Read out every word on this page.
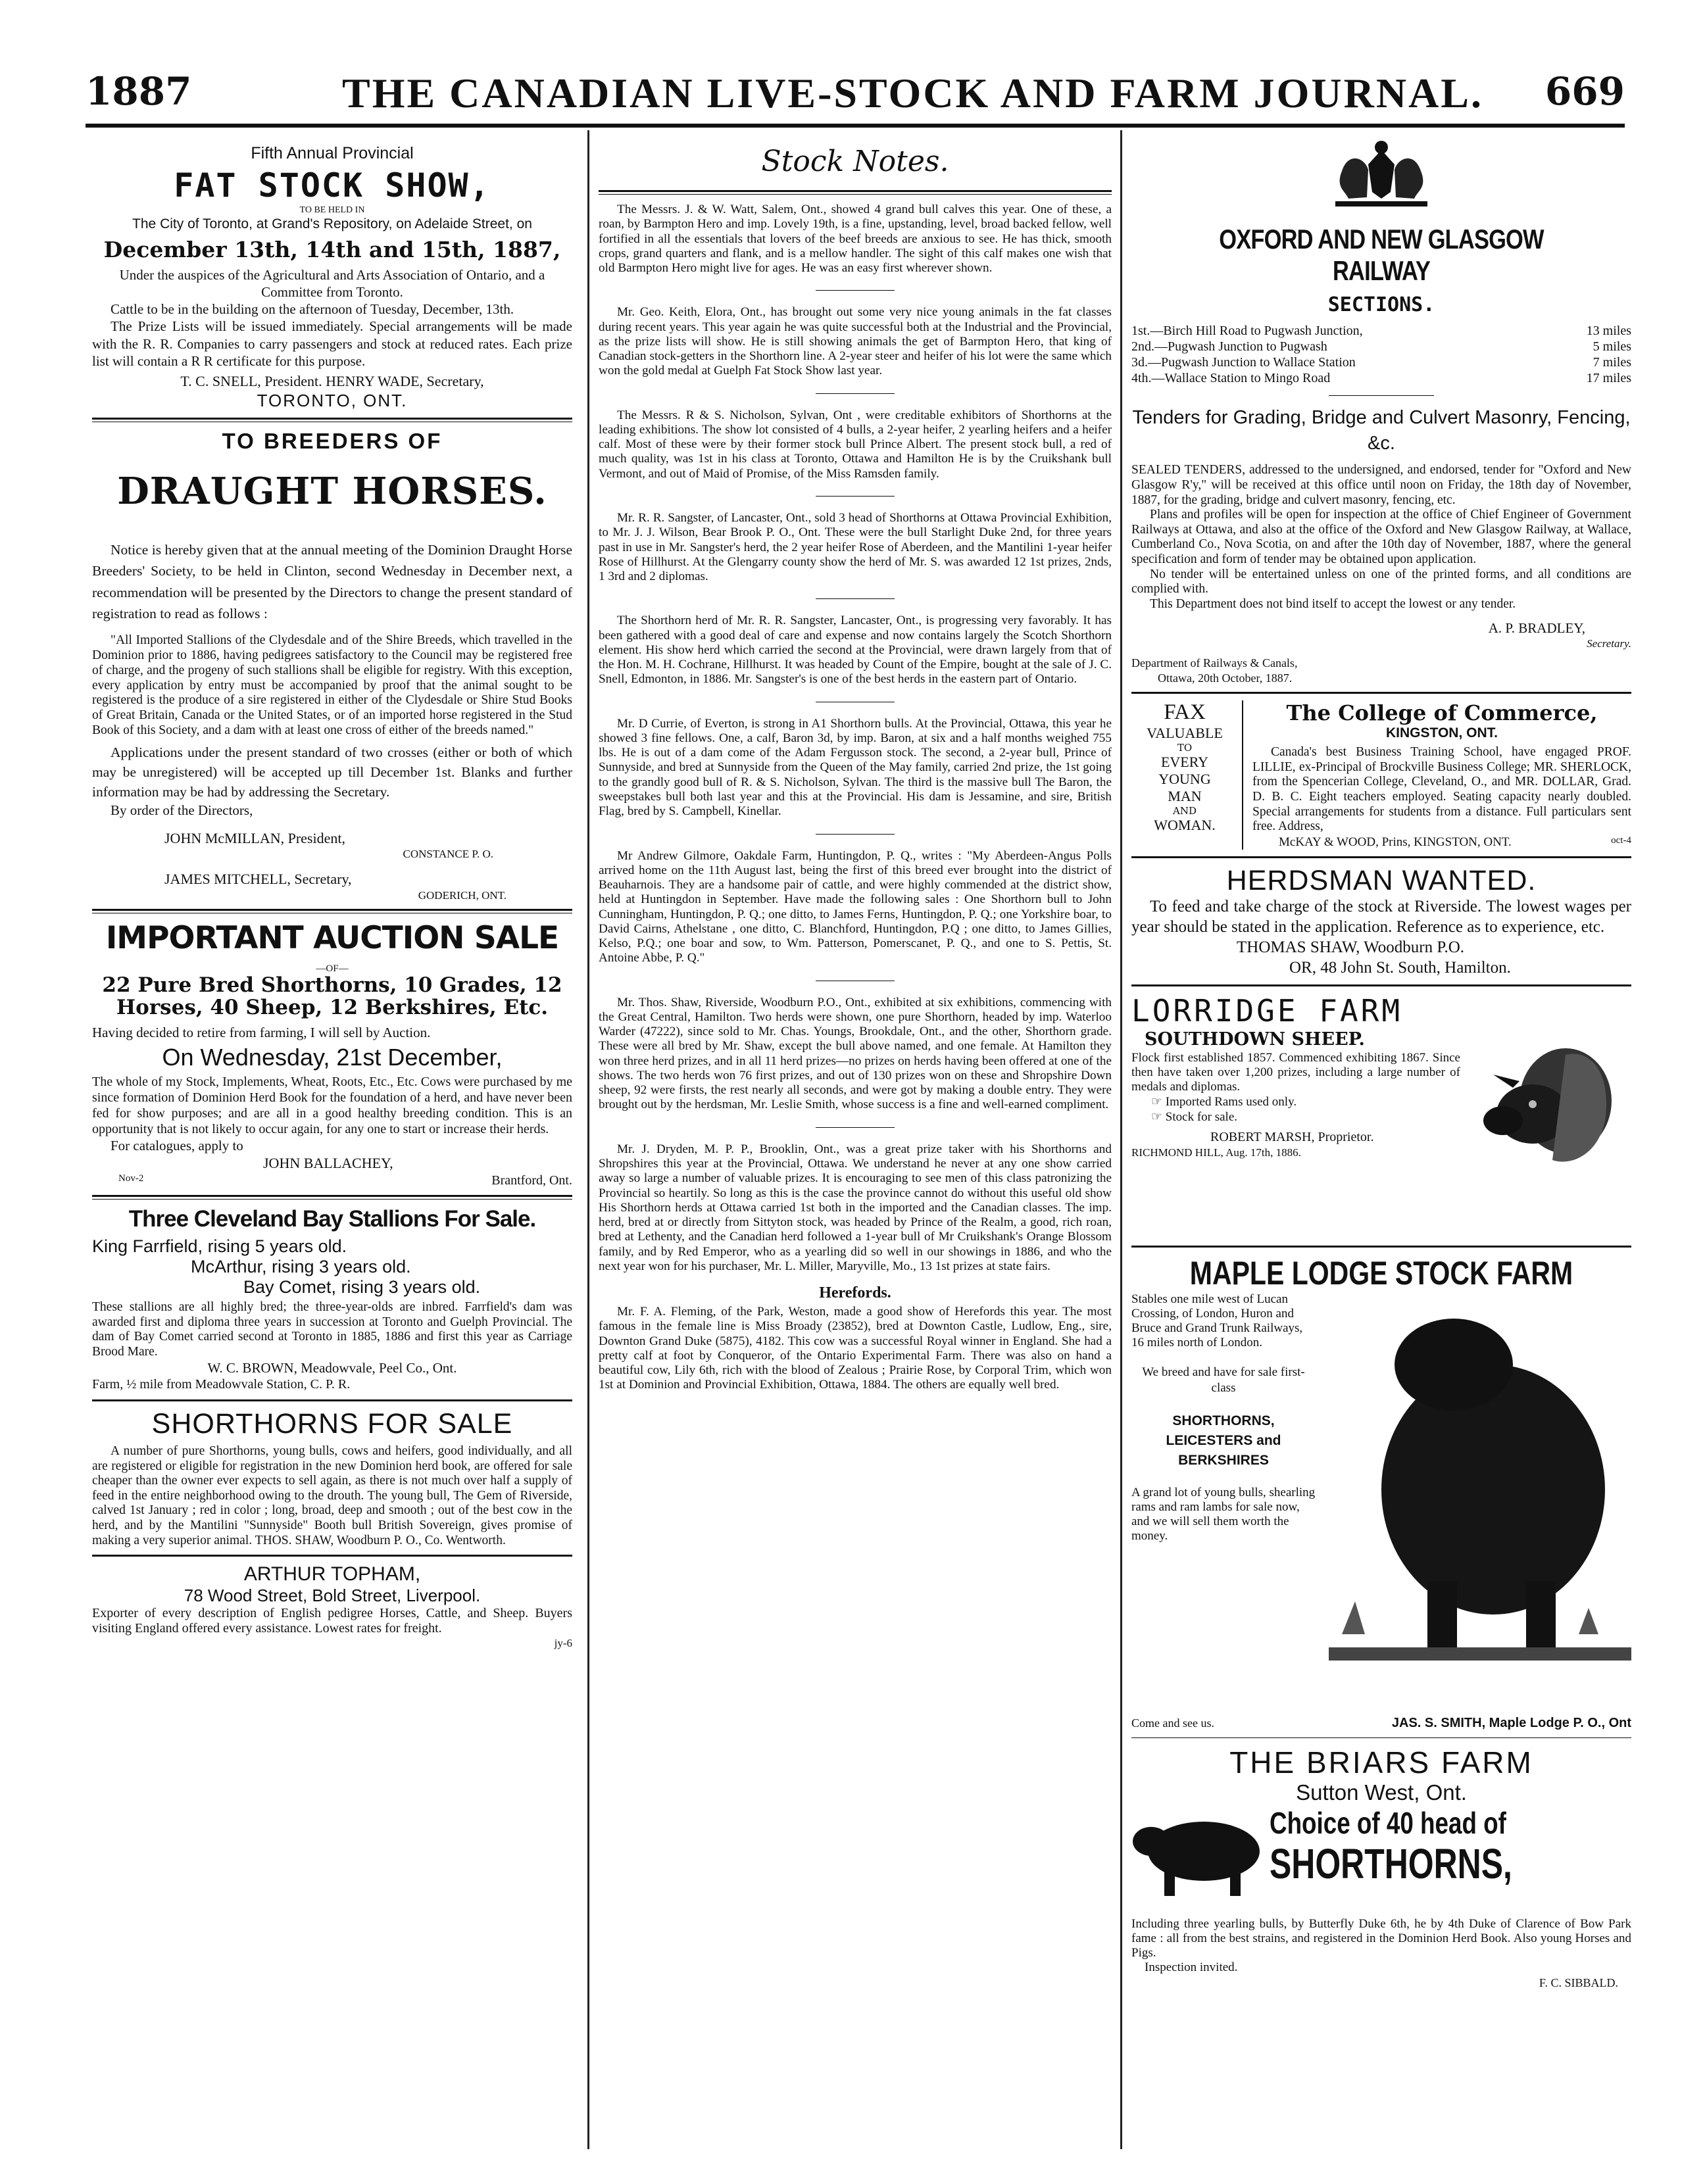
1887	THE CANADIAN LIVE-STOCK AND FARM JOURNAL. 669
Fifth Annual Provincial
FAT STOCK SHOW,
TO BE HELD IN
The City of Toronto, at Grand's Repository, on Adelaide Street, on
December 13th, 14th and 15th, 1887,
Under the auspices of the Agricultural and Arts Association of Ontario, and a Committee from Toronto.
Cattle to be in the building on the afternoon of Tuesday, December, 13th.
The Prize Lists will be issued immediately. Special arrangements will be made with the R. R. Companies to carry passengers and stock at reduced rates. Each prize list will contain a R R certificate for this purpose.
T. C. SNELL, President. HENRY WADE, Secretary,
TORONTO, ONT.
TO BREEDERS OF
DRAUGHT HORSES.
Notice is hereby given that at the annual meeting of the Dominion Draught Horse Breeders' Society, to be held in Clinton, second Wednesday in December next, a recommendation will be presented by the Directors to change the present standard of registration to read as follows :
"All Imported Stallions of the Clydesdale and of the Shire Breeds, which travelled in the Dominion prior to 1886, having pedigrees satisfactory to the Council may be registered free of charge, and the progeny of such stallions shall be eligible for registry. With this exception, every application by entry must be accompanied by proof that the animal sought to be registered is the produce of a sire registered in either of the Clydesdale or Shire Stud Books of Great Britain, Canada or the United States, or of an imported horse registered in the Stud Book of this Society, and a dam with at least one cross of either of the breeds named."
Applications under the present standard of two crosses (either or both of which may be unregistered) will be accepted up till December 1st. Blanks and further information may be had by addressing the Secretary.
By order of the Directors,
JOHN McMILLAN, President,
CONSTANCE P. O.
JAMES MITCHELL, Secretary,
GODERICH, ONT.
IMPORTANT AUCTION SALE
—OF—
22 Pure Bred Shorthorns, 10 Grades, 12 Horses, 40 Sheep, 12 Berkshires, Etc.
Having decided to retire from farming, I will sell by Auction.
On Wednesday, 21st December,
The whole of my Stock, Implements, Wheat, Roots, Etc., Etc. Cows were purchased by me since formation of Dominion Herd Book for the foundation of a herd, and have never been fed for show purposes; and are all in a good healthy breeding condition. This is an opportunity that is not likely to occur again, for any one to start or increase their herds.
For catalogues, apply to
JOHN BALLACHEY,
Nov-2	Brantford, Ont.
Three Cleveland Bay Stallions For Sale.
King Farrfield, rising 5 years old.
McArthur, rising 3 years old.
Bay Comet, rising 3 years old.
These stallions are all highly bred; the three-year-olds are inbred. Farrfield's dam was awarded first and diploma three years in succession at Toronto and Guelph Provincial. The dam of Bay Comet carried second at Toronto in 1885, 1886 and first this year as Carriage Brood Mare.
W. C. BROWN, Meadowvale, Peel Co., Ont.
Farm, ½ mile from Meadowvale Station, C. P. R.
SHORTHORNS FOR SALE
A number of pure Shorthorns, young bulls, cows and heifers, good individually, and all are registered or eligible for registration in the new Dominion herd book, are offered for sale cheaper than the owner ever expects to sell again, as there is not much over half a supply of feed in the entire neighborhood owing to the drouth. The young bull, The Gem of Riverside, calved 1st January ; red in color ; long, broad, deep and smooth ; out of the best cow in the herd, and by the Mantilini "Sunnyside" Booth bull British Sovereign, gives promise of making a very superior animal. THOS. SHAW, Woodburn P. O., Co. Wentworth.
ARTHUR TOPHAM,
78 Wood Street, Bold Street, Liverpool.
Exporter of every description of English pedigree Horses, Cattle, and Sheep. Buyers visiting England offered every assistance. Lowest rates for freight.
jy-6
Stock Notes.
The Messrs. J. & W. Watt, Salem, Ont., showed 4 grand bull calves this year. One of these, a roan, by Barmpton Hero and imp. Lovely 19th, is a fine, upstanding, level, broad backed fellow, well fortified in all the essentials that lovers of the beef breeds are anxious to see. He has thick, smooth crops, grand quarters and flank, and is a mellow handler. The sight of this calf makes one wish that old Barmpton Hero might live for ages. He was an easy first wherever shown.
Mr. Geo. Keith, Elora, Ont., has brought out some very nice young animals in the fat classes during recent years. This year again he was quite successful both at the Industrial and the Provincial, as the prize lists will show. He is still showing animals the get of Barmpton Hero, that king of Canadian stock-getters in the Shorthorn line. A 2-year steer and heifer of his lot were the same which won the gold medal at Guelph Fat Stock Show last year.
The Messrs. R & S. Nicholson, Sylvan, Ont , were creditable exhibitors of Shorthorns at the leading exhibitions. The show lot consisted of 4 bulls, a 2-year heifer, 2 yearling heifers and a heifer calf. Most of these were by their former stock bull Prince Albert. The present stock bull, a red of much quality, was 1st in his class at Toronto, Ottawa and Hamilton He is by the Cruikshank bull Vermont, and out of Maid of Promise, of the Miss Ramsden family.
Mr. R. R. Sangster, of Lancaster, Ont., sold 3 head of Shorthorns at Ottawa Provincial Exhibition, to Mr. J. J. Wilson, Bear Brook P. O., Ont. These were the bull Starlight Duke 2nd, for three years past in use in Mr. Sangster's herd, the 2 year heifer Rose of Aberdeen, and the Mantilini 1-year heifer Rose of Hillhurst. At the Glengarry county show the herd of Mr. S. was awarded 12 1st prizes, 2nds, 1 3rd and 2 diplomas.
The Shorthorn herd of Mr. R. R. Sangster, Lancaster, Ont., is progressing very favorably. It has been gathered with a good deal of care and expense and now contains largely the Scotch Shorthorn element. His show herd which carried the second at the Provincial, were drawn largely from that of the Hon. M. H. Cochrane, Hillhurst. It was headed by Count of the Empire, bought at the sale of J. C. Snell, Edmonton, in 1886. Mr. Sangster's is one of the best herds in the eastern part of Ontario.
Mr. D Currie, of Everton, is strong in A1 Shorthorn bulls. At the Provincial, Ottawa, this year he showed 3 fine fellows. One, a calf, Baron 3d, by imp. Baron, at six and a half months weighed 755 lbs. He is out of a dam come of the Adam Fergusson stock. The second, a 2-year bull, Prince of Sunnyside, and bred at Sunnyside from the Queen of the May family, carried 2nd prize, the 1st going to the grandly good bull of R. & S. Nicholson, Sylvan. The third is the massive bull The Baron, the sweepstakes bull both last year and this at the Provincial. His dam is Jessamine, and sire, British Flag, bred by S. Campbell, Kinellar.
Mr Andrew Gilmore, Oakdale Farm, Huntingdon, P. Q., writes : "My Aberdeen-Angus Polls arrived home on the 11th August last, being the first of this breed ever brought into the district of Beauharnois. They are a handsome pair of cattle, and were highly commended at the district show, held at Huntingdon in September. Have made the following sales : One Shorthorn bull to John Cunningham, Huntingdon, P. Q.; one ditto, to James Ferns, Huntingdon, P. Q.; one Yorkshire boar, to David Cairns, Athelstane , one ditto, C. Blanchford, Huntingdon, P.Q ; one ditto, to James Gillies, Kelso, P.Q.; one boar and sow, to Wm. Patterson, Pomerscanet, P. Q., and one to S. Pettis, St. Antoine Abbe, P. Q."
Mr. Thos. Shaw, Riverside, Woodburn P.O., Ont., exhibited at six exhibitions, commencing with the Great Central, Hamilton. Two herds were shown, one pure Shorthorn, headed by imp. Waterloo Warder (47222), since sold to Mr. Chas. Youngs, Brookdale, Ont., and the other, Shorthorn grade. These were all bred by Mr. Shaw, except the bull above named, and one female. At Hamilton they won three herd prizes, and in all 11 herd prizes—no prizes on herds having been offered at one of the shows. The two herds won 76 first prizes, and out of 130 prizes won on these and Shropshire Down sheep, 92 were firsts, the rest nearly all seconds, and were got by making a double entry. They were brought out by the herdsman, Mr. Leslie Smith, whose success is a fine and well-earned compliment.
Mr. J. Dryden, M. P. P., Brooklin, Ont., was a great prize taker with his Shorthorns and Shropshires this year at the Provincial, Ottawa. We understand he never at any one show carried away so large a number of valuable prizes. It is encouraging to see men of this class patronizing the Provincial so heartily. So long as this is the case the province cannot do without this useful old show His Shorthorn herds at Ottawa carried 1st both in the imported and the Canadian classes. The imp. herd, bred at or directly from Sittyton stock, was headed by Prince of the Realm, a good, rich roan, bred at Lethenty, and the Canadian herd followed a 1-year bull of Mr Cruikshank's Orange Blossom family, and by Red Emperor, who as a yearling did so well in our showings in 1886, and who the next year won for his purchaser, Mr. L. Miller, Maryville, Mo., 13 1st prizes at state fairs.
Herefords.
Mr. F. A. Fleming, of the Park, Weston, made a good show of Herefords this year. The most famous in the female line is Miss Broady (23852), bred at Downton Castle, Ludlow, Eng., sire, Downton Grand Duke (5875), 4182. This cow was a successful Royal winner in England. She had a pretty calf at foot by Conqueror, of the Ontario Experimental Farm. There was also on hand a beautiful cow, Lily 6th, rich with the blood of Zealous ; Prairie Rose, by Corporal Trim, which won 1st at Dominion and Provincial Exhibition, Ottawa, 1884. The others are equally well bred.
OXFORD AND NEW GLASGOW RAILWAY
SECTIONS.
1st.—Birch Hill Road to Pugwash Junction,	13 miles
2nd.—Pugwash Junction to Pugwash	5 miles
3d.—Pugwash Junction to Wallace Station	7 miles
4th.—Wallace Station to Mingo Road	17 miles
Tenders for Grading, Bridge and Culvert Masonry, Fencing, &c.
SEALED TENDERS, addressed to the undersigned, and endorsed, tender for "Oxford and New Glasgow R'y," will be received at this office until noon on Friday, the 18th day of November, 1887, for the grading, bridge and culvert masonry, fencing, etc.
Plans and profiles will be open for inspection at the office of Chief Engineer of Government Railways at Ottawa, and also at the office of the Oxford and New Glasgow Railway, at Wallace, Cumberland Co., Nova Scotia, on and after the 10th day of November, 1887, where the general specification and form of tender may be obtained upon application.
No tender will be entertained unless on one of the printed forms, and all conditions are complied with.
This Department does not bind itself to accept the lowest or any tender.
A. P. BRADLEY,
Secretary.
Department of Railways & Canals,
Ottawa, 20th October, 1887.
FAX
VALUABLE
TO
EVERY
YOUNG
MAN
AND
WOMAN.
The College of Commerce,
KINGSTON, ONT.
Canada's best Business Training School, have engaged PROF. LILLIE, ex-Principal of Brockville Business College; MR. SHERLOCK, from the Spencerian College, Cleveland, O., and MR. DOLLAR, Grad. D. B. C. Eight teachers employed. Seating capacity nearly doubled. Special arrangements for students from a distance. Full particulars sent free. Address,
McKAY & WOOD, Prins, KINGSTON, ONT.	oct-4
HERDSMAN WANTED.
To feed and take charge of the stock at Riverside. The lowest wages per year should be stated in the application. Reference as to experience, etc.
THOMAS SHAW, Woodburn P.O.
OR, 48 John St. South, Hamilton.
LORRIDGE FARM
SOUTHDOWN SHEEP.
Flock first established 1857. Commenced exhibiting 1867. Since then have taken over 1,200 prizes, including a large number of medals and diplomas.
☞ Imported Rams used only.
☞ Stock for sale.
ROBERT MARSH, Proprietor.
RICHMOND HILL, Aug. 17th, 1886.
MAPLE LODGE STOCK FARM
Stables one mile west of Lucan Crossing, of London, Huron and Bruce and Grand Trunk Railways, 16 miles north of London.
We breed and have for sale first-class
SHORTHORNS,
LEICESTERS and
BERKSHIRES
A grand lot of young bulls, shearling rams and ram lambs for sale now, and we will sell them worth the money.
Come and see us.	JAS. S. SMITH, Maple Lodge P. O., Ont
THE BRIARS FARM
Sutton West, Ont.
Choice of 40 head of
SHORTHORNS,
Including three yearling bulls, by Butterfly Duke 6th, he by 4th Duke of Clarence of Bow Park fame : all from the best strains, and registered in the Dominion Herd Book. Also young Horses and Pigs.
Inspection invited.
F. C. SIBBALD.
